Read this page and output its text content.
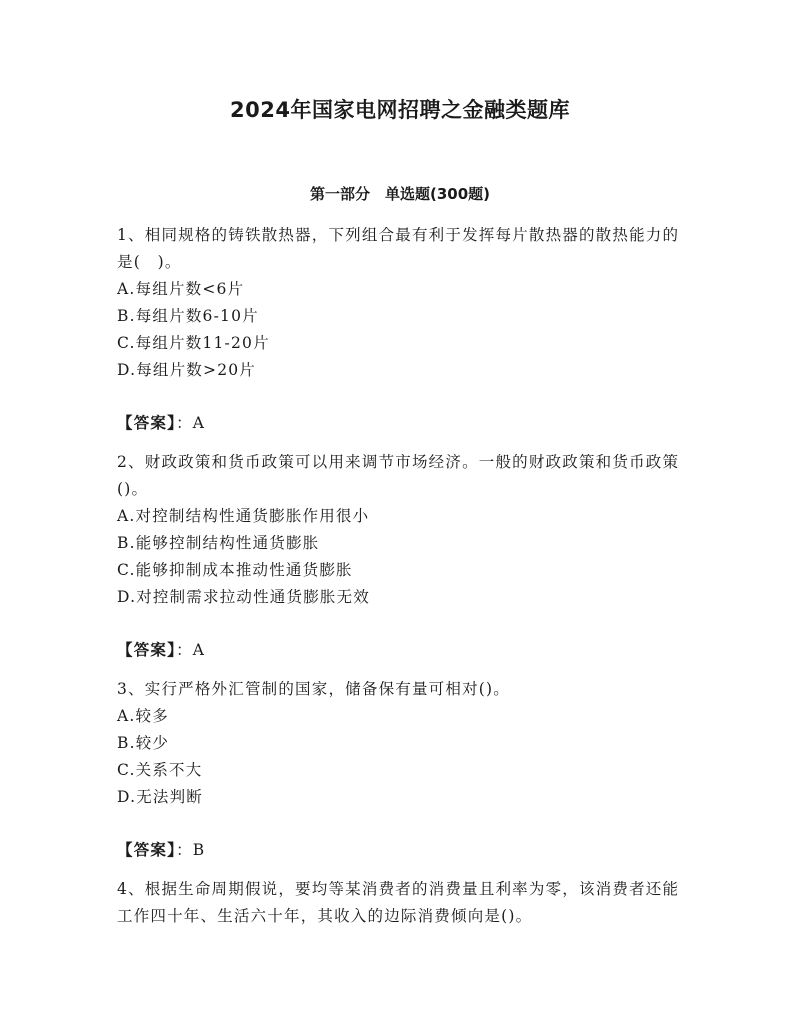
2024年国家电网招聘之金融类题库
第一部分　单选题(300题)

1、相同规格的铸铁散热器，下列组合最有利于发挥每片散热器的散热能力的是(　)。

A.每组片数<6片
B.每组片数6-10片
C.每组片数11-20片
D.每组片数>20片

【答案】：A

2、财政政策和货币政策可以用来调节市场经济。一般的财政政策和货币政策()。

A.对控制结构性通货膨胀作用很小
B.能够控制结构性通货膨胀
C.能够抑制成本推动性通货膨胀
D.对控制需求拉动性通货膨胀无效

【答案】：A

3、实行严格外汇管制的国家，储备保有量可相对()。

A.较多
B.较少
C.关系不大
D.无法判断

【答案】：B

4、根据生命周期假说，要均等某消费者的消费量且利率为零，该消费者还能工作四十年、生活六十年，其收入的边际消费倾向是()。
